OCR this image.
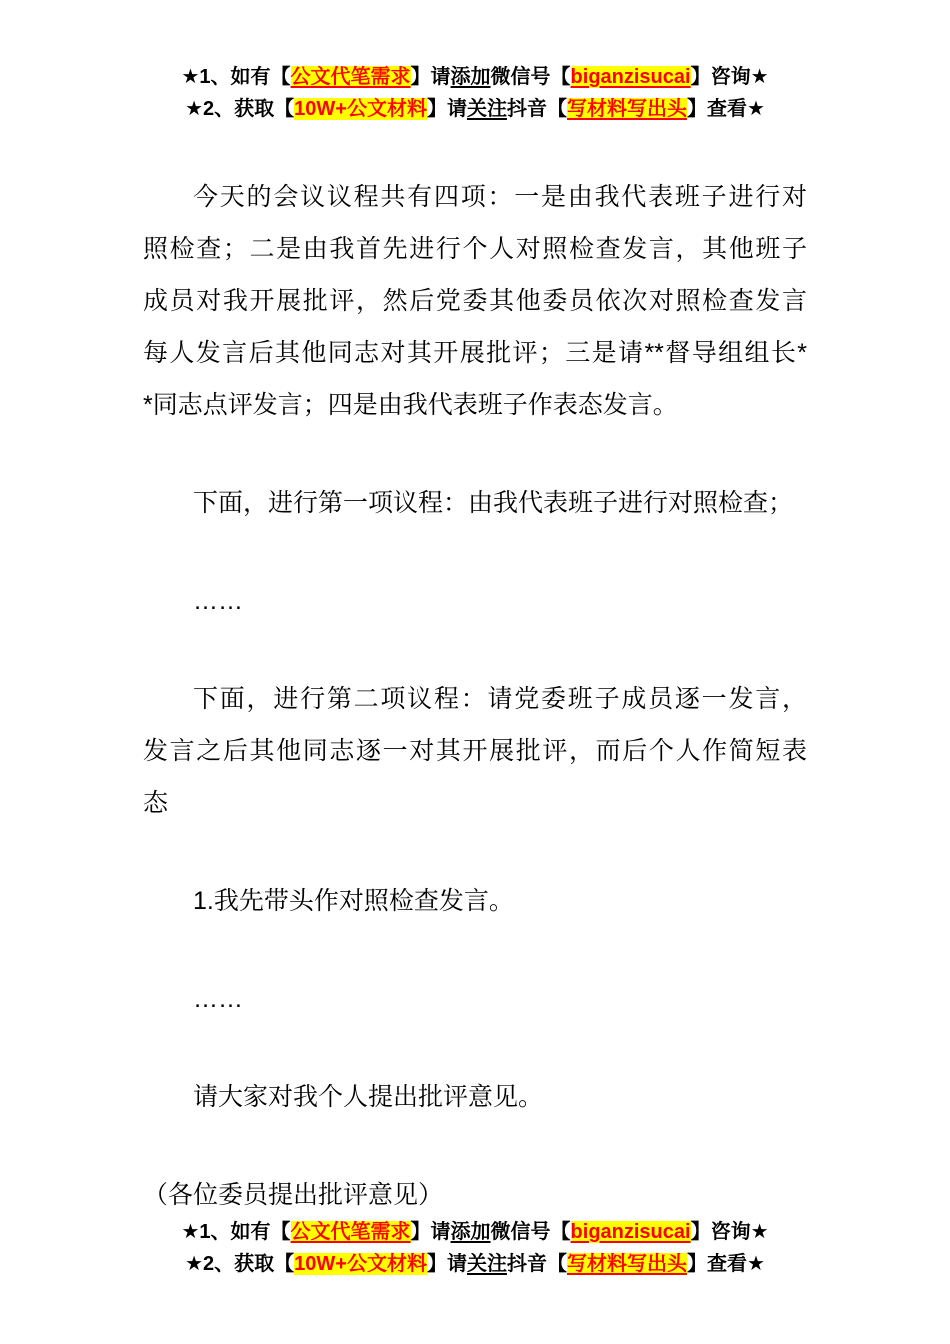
★1、如有【公文代笔需求】请添加微信号【biganzisucai】咨询★
★2、获取【10W+公文材料】请关注抖音【写材料写出头】查看★
今天的会议议程共有四项：一是由我代表班子进行对
照检查；二是由我首先进行个人对照检查发言，其他班子
成员对我开展批评，然后党委其他委员依次对照检查发言
每人发言后其他同志对其开展批评；三是请**督导组组长*
*同志点评发言；四是由我代表班子作表态发言。
下面，进行第一项议程：由我代表班子进行对照检查；
……
下面，进行第二项议程：请党委班子成员逐一发言，
发言之后其他同志逐一对其开展批评，而后个人作简短表
态
1.我先带头作对照检查发言。
……
请大家对我个人提出批评意见。
（各位委员提出批评意见）
★1、如有【公文代笔需求】请添加微信号【biganzisucai】咨询★
★2、获取【10W+公文材料】请关注抖音【写材料写出头】查看★
